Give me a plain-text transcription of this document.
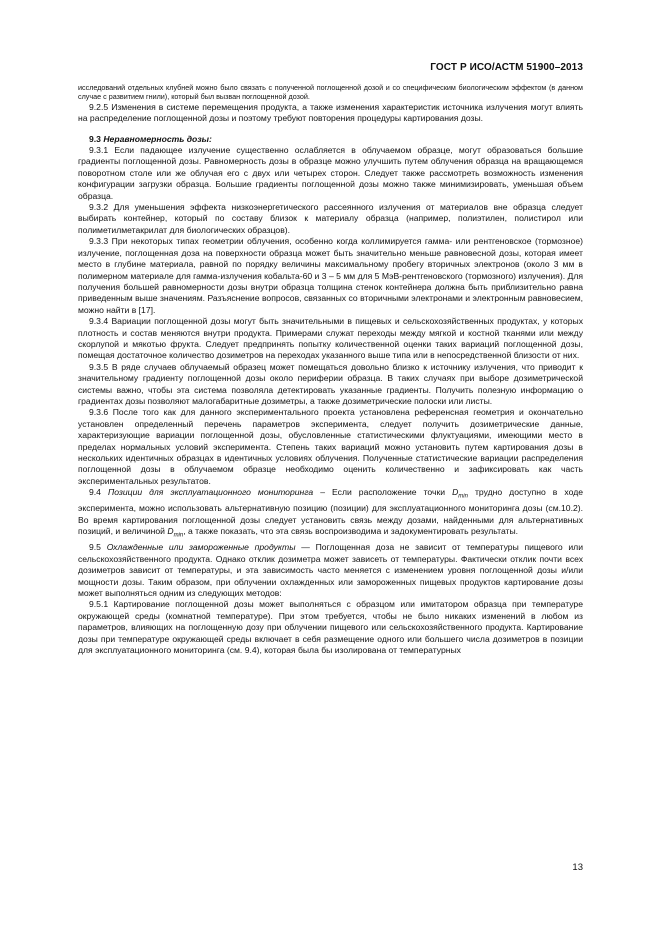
ГОСТ Р ИСО/АСТМ 51900–2013

исследований отдельных клубней можно было связать с полученной поглощенной дозой и со специфическим биологическим эффектом (в данном случае с развитием гнили), который был вызван поглощенной дозой.

9.2.5 Изменения в системе перемещения продукта, а также изменения характеристик источника излучения могут влиять на распределение поглощенной дозы и поэтому требуют повторения процедуры картирования дозы.

9.3 Неравномерность дозы:

9.3.1 Если падающее излучение существенно ослабляется в облучаемом образце, могут образоваться большие градиенты поглощенной дозы. Равномерность дозы в образце можно улучшить путем облучения образца на вращающемся поворотном столе или же облучая его с двух или четырех сторон. Следует также рассмотреть возможность изменения конфигурации загрузки образца. Большие градиенты поглощенной дозы можно также минимизировать, уменьшая объем образца.

9.3.2 Для уменьшения эффекта низкоэнергетического рассеянного излучения от материалов вне образца следует выбирать контейнер, который по составу близок к материалу образца (например, полиэтилен, полистирол или полиметилметакрилат для биологических образцов).

9.3.3 При некоторых типах геометрии облучения, особенно когда коллимируется гамма- или рентгеновское (тормозное) излучение, поглощенная доза на поверхности образца может быть значительно меньше равновесной дозы, которая имеет место в глубине материала, равной по порядку величины максимальному пробегу вторичных электронов (около 3 мм в полимерном материале для гамма-излучения кобальта-60 и 3 – 5 мм для 5 МэВ-рентгеновского (тормозного) излучения). Для получения большей равномерности дозы внутри образца толщина стенок контейнера должна быть приблизительно равна приведенным выше значениям. Разъяснение вопросов, связанных со вторичными электронами и электронным равновесием, можно найти в [17].

9.3.4 Вариации поглощенной дозы могут быть значительными в пищевых и сельскохозяйственных продуктах, у которых плотность и состав меняются внутри продукта. Примерами служат переходы между мягкой и костной тканями или между скорлупой и мякотью фрукта. Следует предпринять попытку количественной оценки таких вариаций поглощенной дозы, помещая достаточное количество дозиметров на переходах указанного выше типа или в непосредственной близости от них.

9.3.5 В ряде случаев облучаемый образец может помещаться довольно близко к источнику излучения, что приводит к значительному градиенту поглощенной дозы около периферии образца. В таких случаях при выборе дозиметрической системы важно, чтобы эта система позволяла детектировать указанные градиенты. Получить полезную информацию о градиентах дозы позволяют малогабаритные дозиметры, а также дозиметрические полоски или листы.

9.3.6 После того как для данного экспериментального проекта установлена референсная геометрия и окончательно установлен определенный перечень параметров эксперимента, следует получить дозиметрические данные, характеризующие вариации поглощенной дозы, обусловленные статистическими флуктуациями, имеющими место в пределах нормальных условий эксперимента. Степень таких вариаций можно установить путем картирования дозы в нескольких идентичных образцах в идентичных условиях облучения. Полученные статистические вариации распределения поглощенной дозы в облучаемом образце необходимо оценить количественно и зафиксировать как часть экспериментальных результатов.

9.4 Позиции для эксплуатационного мониторинга – Если расположение точки $D_{min}$ трудно доступно в ходе эксперимента, можно использовать альтернативную позицию (позиции) для эксплуатационного мониторинга дозы (см.10.2). Во время картирования поглощенной дозы следует установить связь между дозами, найденными для альтернативных позиций, и величиной $D_{min}$, а также показать, что эта связь воспроизводима и задокументировать результаты.

9.5 Охлажденные или замороженные продукты — Поглощенная доза не зависит от температуры пищевого или сельскохозяйственного продукта. Однако отклик дозиметра может зависеть от температуры. Фактически отклик почти всех дозиметров зависит от температуры, и эта зависимость часто меняется с изменением уровня поглощенной дозы и/или мощности дозы. Таким образом, при облучении охлажденных или замороженных пищевых продуктов картирование дозы может выполняться одним из следующих методов:

9.5.1 Картирование поглощенной дозы может выполняться с образцом или имитатором образца при температуре окружающей среды (комнатной температуре). При этом требуется, чтобы не было никаких изменений в любом из параметров, влияющих на поглощенную дозу при облучении пищевого или сельскохозяйственного продукта. Картирование дозы при температуре окружающей среды включает в себя размещение одного или большего числа дозиметров в позиции для эксплуатационного мониторинга (см. 9.4), которая была бы изолирована от температурных

13
